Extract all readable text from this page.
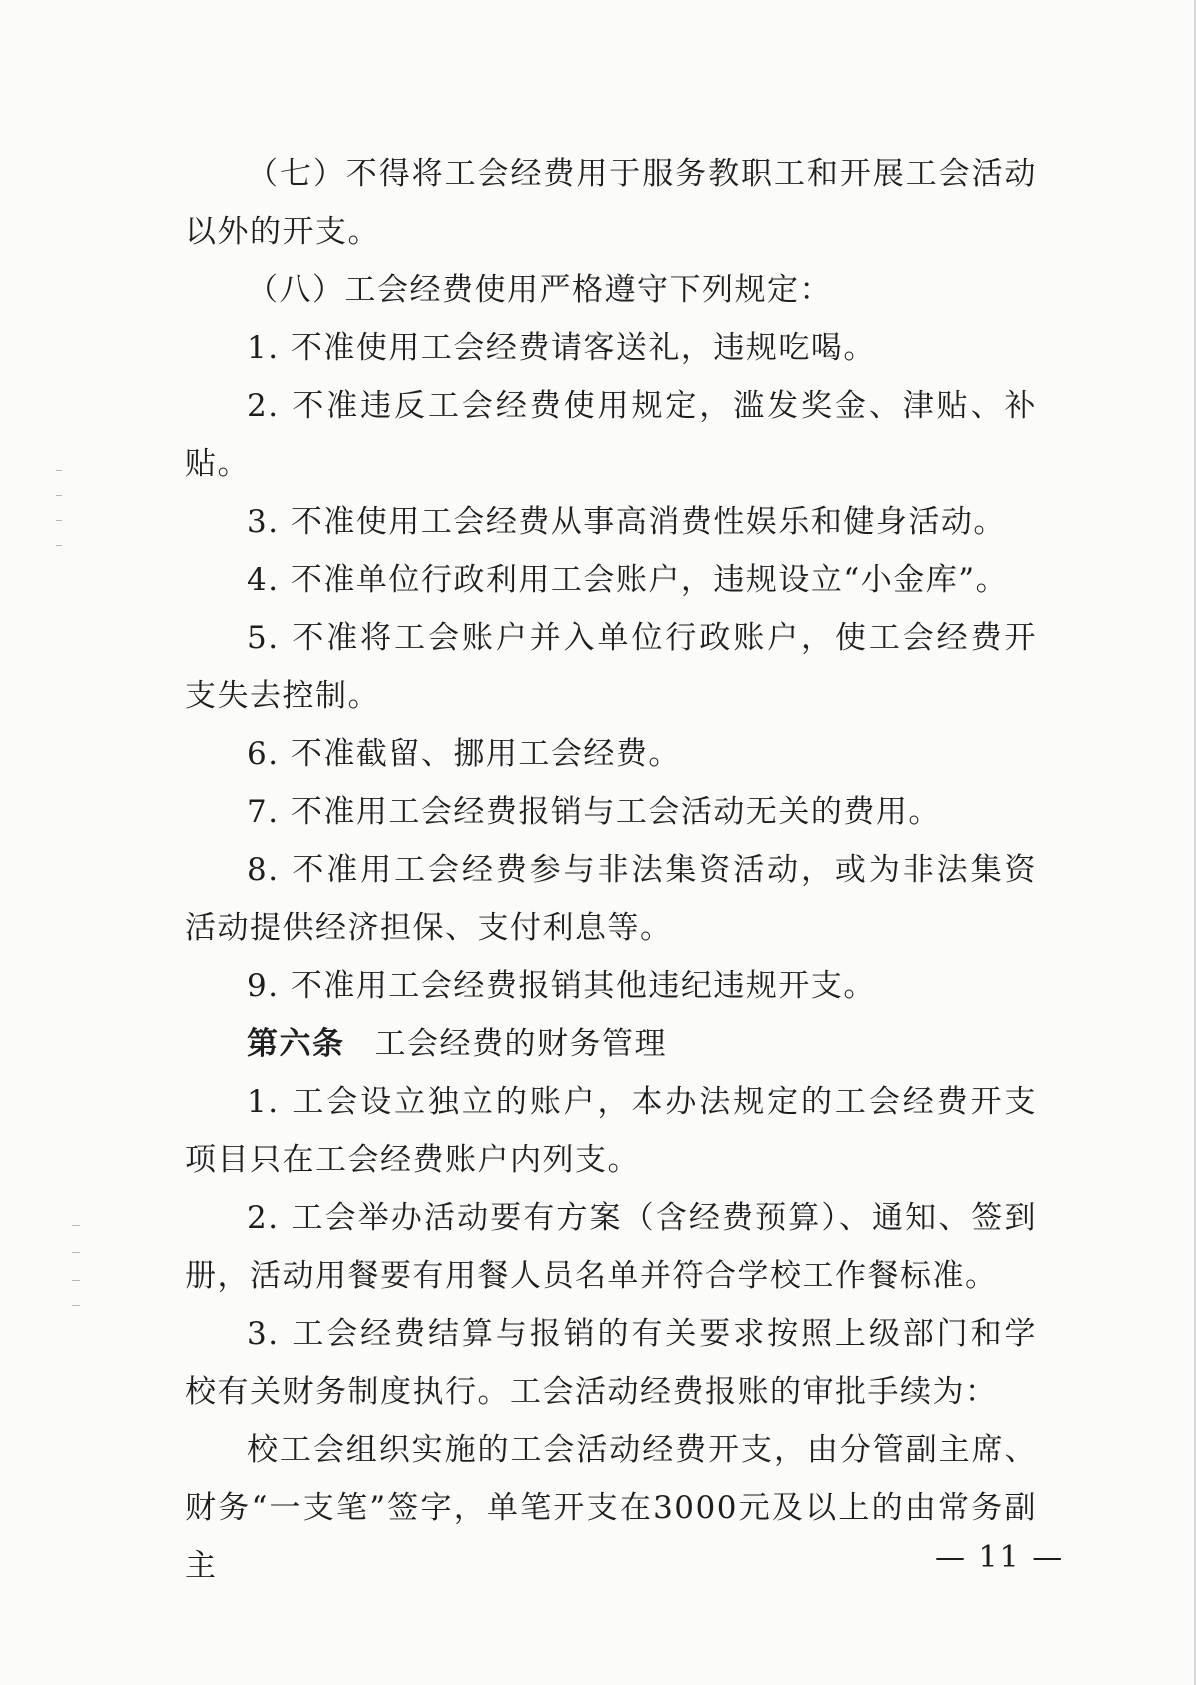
（七）不得将工会经费用于服务教职工和开展工会活动以外的开支。

（八）工会经费使用严格遵守下列规定：

1. 不准使用工会经费请客送礼，违规吃喝。

2. 不准违反工会经费使用规定，滥发奖金、津贴、补贴。

3. 不准使用工会经费从事高消费性娱乐和健身活动。

4. 不准单位行政利用工会账户，违规设立“小金库”。

5. 不准将工会账户并入单位行政账户，使工会经费开支失去控制。

6. 不准截留、挪用工会经费。

7. 不准用工会经费报销与工会活动无关的费用。

8. 不准用工会经费参与非法集资活动，或为非法集资活动提供经济担保、支付利息等。

9. 不准用工会经费报销其他违纪违规开支。

第六条 工会经费的财务管理

1. 工会设立独立的账户，本办法规定的工会经费开支项目只在工会经费账户内列支。

2. 工会举办活动要有方案（含经费预算）、通知、签到册，活动用餐要有用餐人员名单并符合学校工作餐标准。

3. 工会经费结算与报销的有关要求按照上级部门和学校有关财务制度执行。工会活动经费报账的审批手续为：

校工会组织实施的工会活动经费开支，由分管副主席、财务“一支笔”签字，单笔开支在3000元及以上的由常务副主	— 11 —
